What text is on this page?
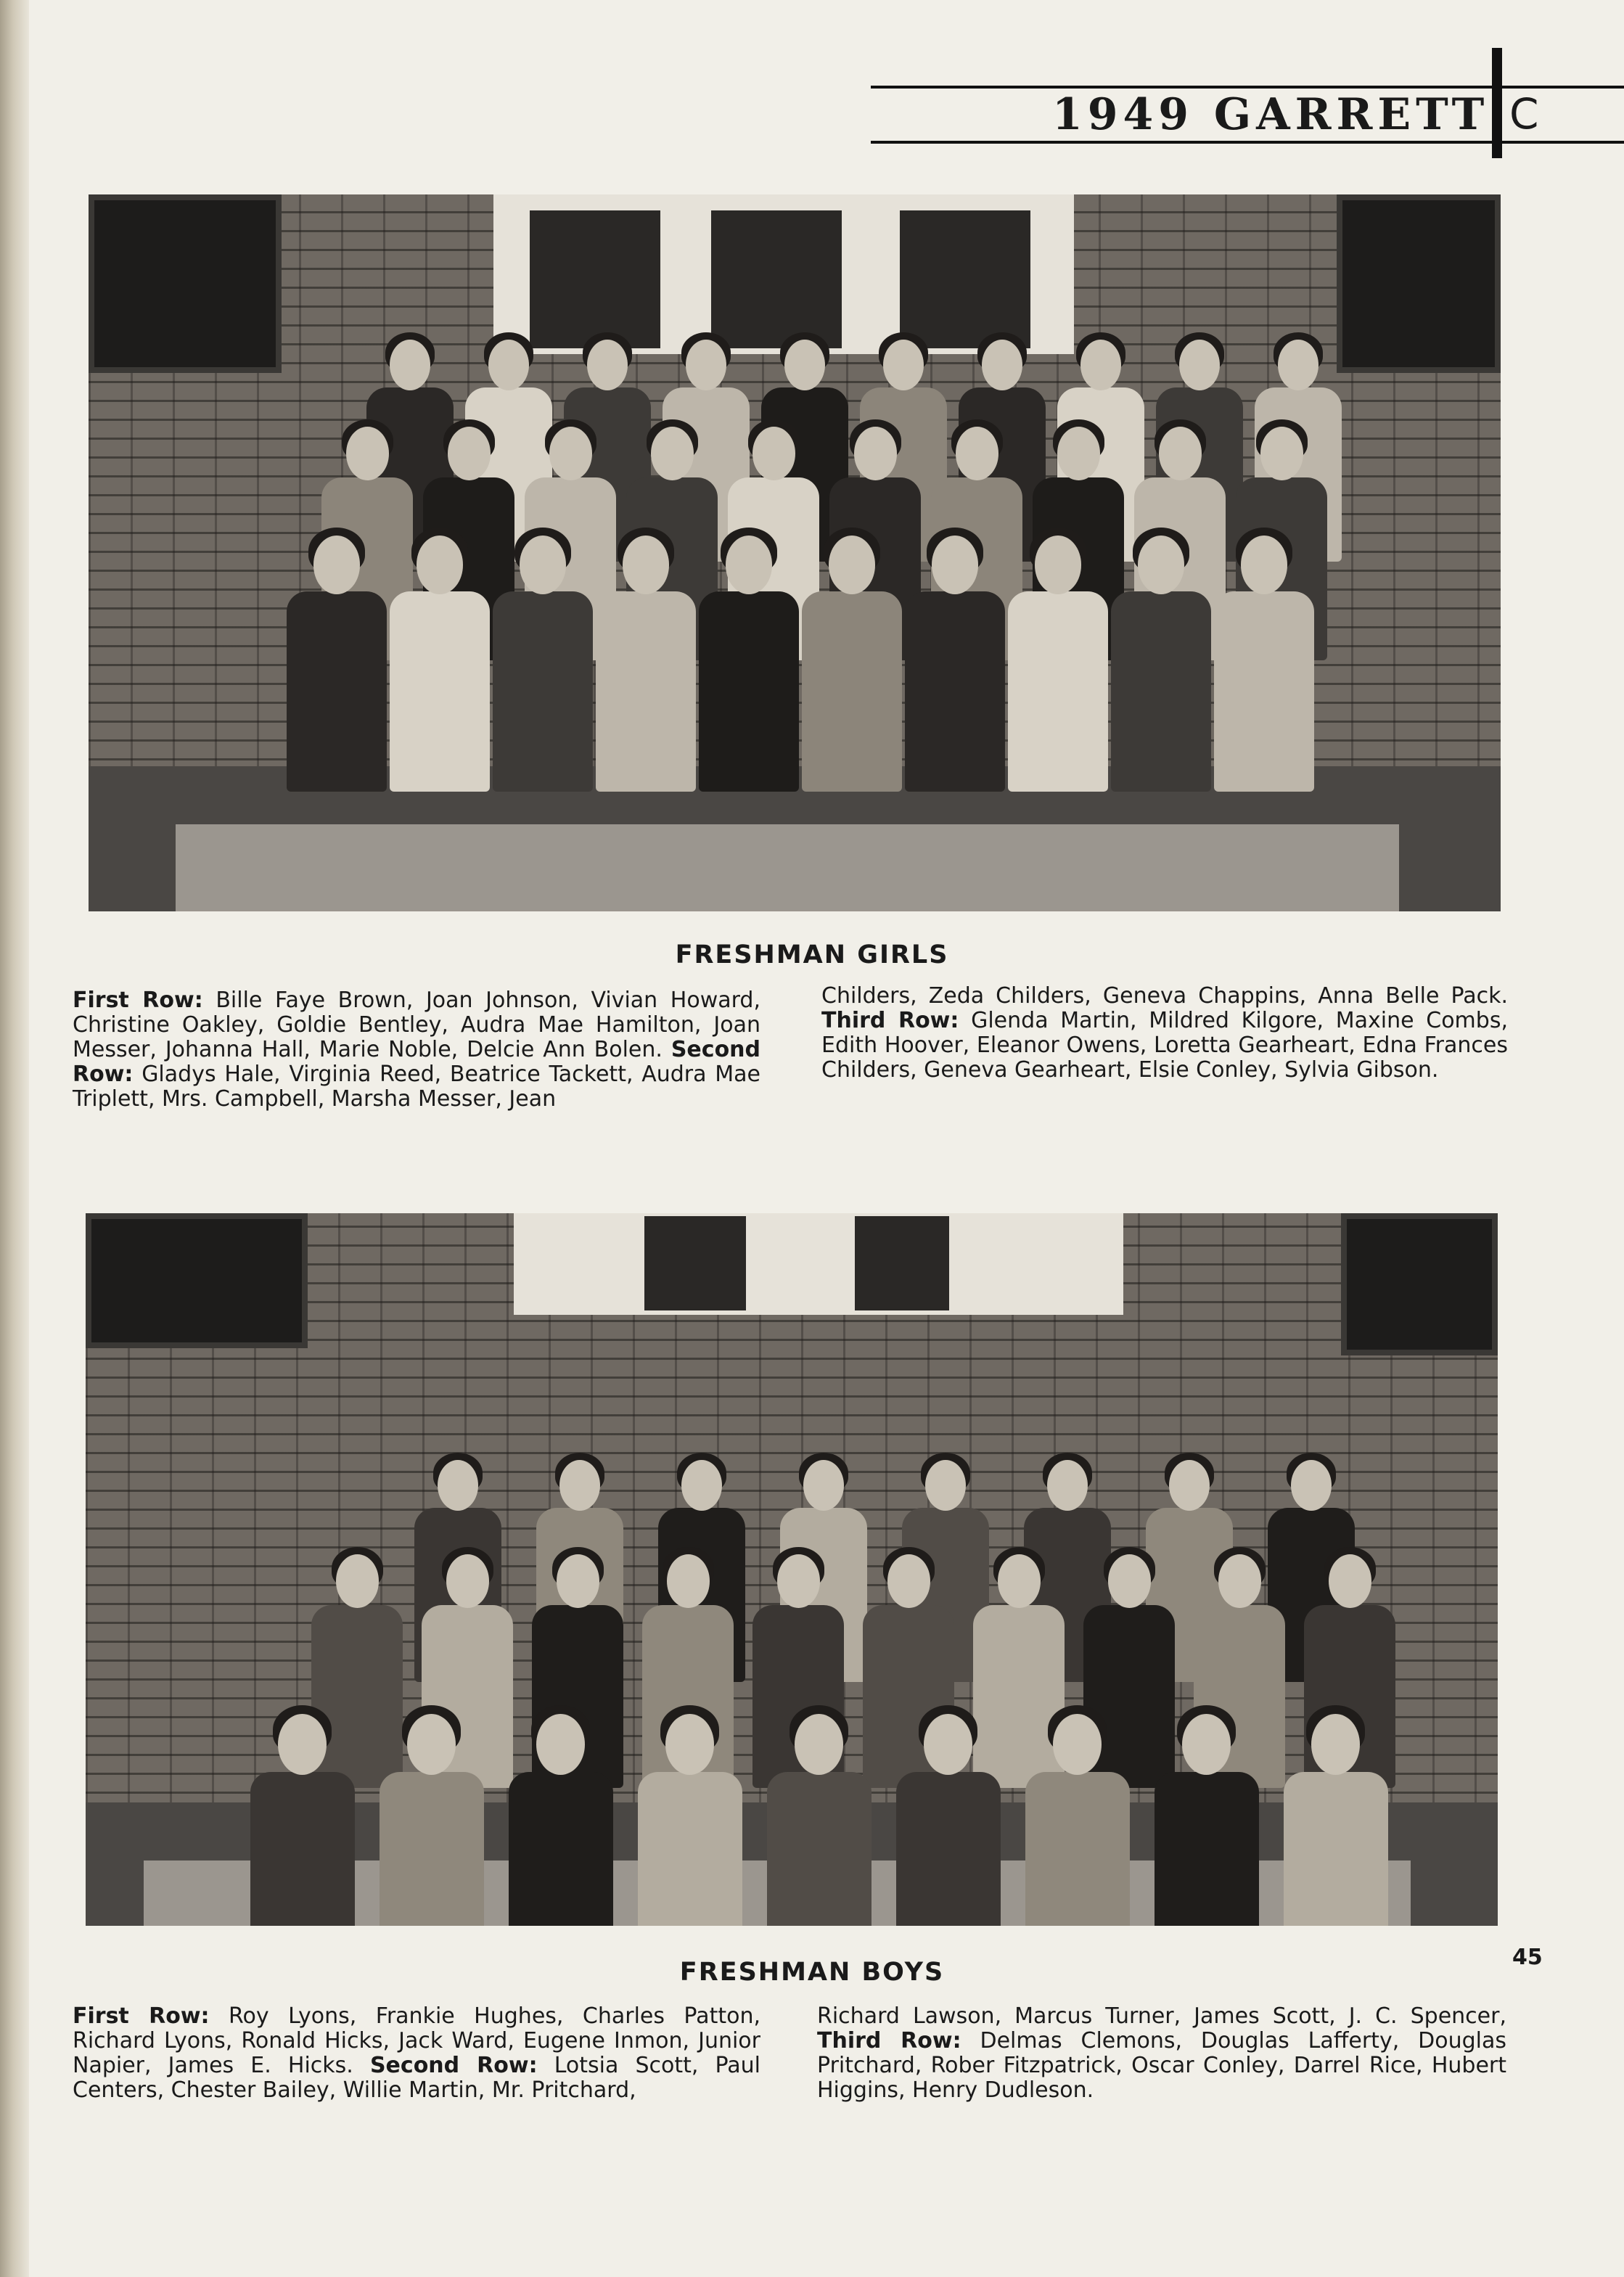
1949 GARRETT C
FRESHMAN GIRLS

First Row: Bille Faye Brown, Joan Johnson, Vivian Howard, Christine Oakley, Goldie Bentley, Audra Mae Hamilton, Joan Messer, Johanna Hall, Marie Noble, Delcie Ann Bolen. Second Row: Gladys Hale, Virginia Reed, Beatrice Tackett, Audra Mae Triplett, Mrs. Campbell, Marsha Messer, Jean

Childers, Zeda Childers, Geneva Chappins, Anna Belle Pack. Third Row: Glenda Martin, Mildred Kilgore, Maxine Combs, Edith Hoover, Eleanor Owens, Loretta Gearheart, Edna Frances Childers, Geneva Gearheart, Elsie Conley, Sylvia Gibson.

FRESHMAN BOYS

First Row: Roy Lyons, Frankie Hughes, Charles Patton, Richard Lyons, Ronald Hicks, Jack Ward, Eugene Inmon, Junior Napier, James E. Hicks. Second Row: Lotsia Scott, Paul Centers, Chester Bailey, Willie Martin, Mr. Pritchard,

Richard Lawson, Marcus Turner, James Scott, J. C. Spencer, Third Row: Delmas Clemons, Douglas Lafferty, Douglas Pritchard, Rober Fitzpatrick, Oscar Conley, Darrel Rice, Hubert Higgins, Henry Dudleson.

45
